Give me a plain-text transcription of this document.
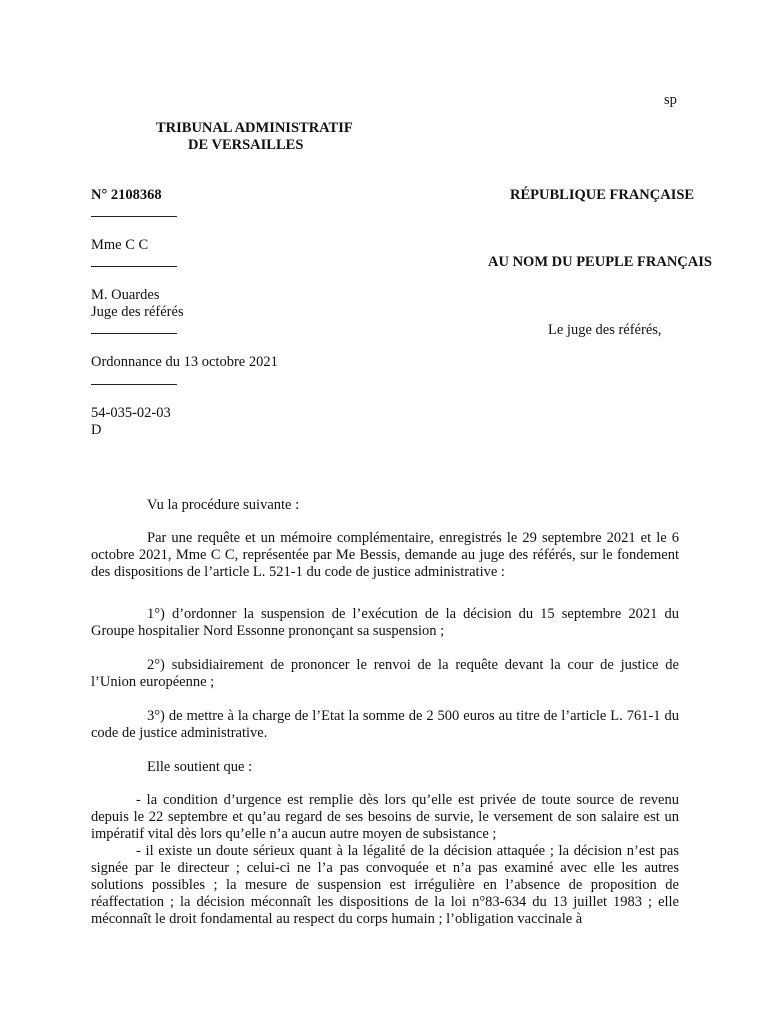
sp
TRIBUNAL ADMINISTRATIF
DE VERSAILLES
N° 2108368	RÉPUBLIQUE FRANÇAISE
Mme C C
AU NOM DU PEUPLE FRANÇAIS
M. Ouardes
Juge des référés
Le juge des référés,
Ordonnance du 13 octobre 2021
54-035-02-03
D
Vu la procédure suivante :
Par une requête et un mémoire complémentaire, enregistrés le 29 septembre 2021 et le 6 octobre 2021, Mme C C, représentée par Me Bessis, demande au juge des référés, sur le fondement des dispositions de l’article L. 521-1 du code de justice administrative :
1°) d’ordonner la suspension de l’exécution de la décision du 15 septembre 2021 du Groupe hospitalier Nord Essonne prononçant sa suspension ;
2°) subsidiairement de prononcer le renvoi de la requête devant la cour de justice de l’Union européenne ;
3°) de mettre à la charge de l’Etat la somme de 2 500 euros au titre de l’article L. 761-1 du code de justice administrative.
Elle soutient que :
- la condition d’urgence est remplie dès lors qu’elle est privée de toute source de revenu depuis le 22 septembre et qu’au regard de ses besoins de survie, le versement de son salaire est un impératif vital dès lors qu’elle n’a aucun autre moyen de subsistance ;
- il existe un doute sérieux quant à la légalité de la décision attaquée ; la décision n’est pas signée par le directeur ; celui-ci ne l’a pas convoquée et n’a pas examiné avec elle les autres solutions possibles ; la mesure de suspension est irrégulière en l’absence de proposition de réaffectation ; la décision méconnaît les dispositions de la loi n°83-634 du 13 juillet 1983 ; elle méconnaît le droit fondamental au respect du corps humain ; l’obligation vaccinale à
